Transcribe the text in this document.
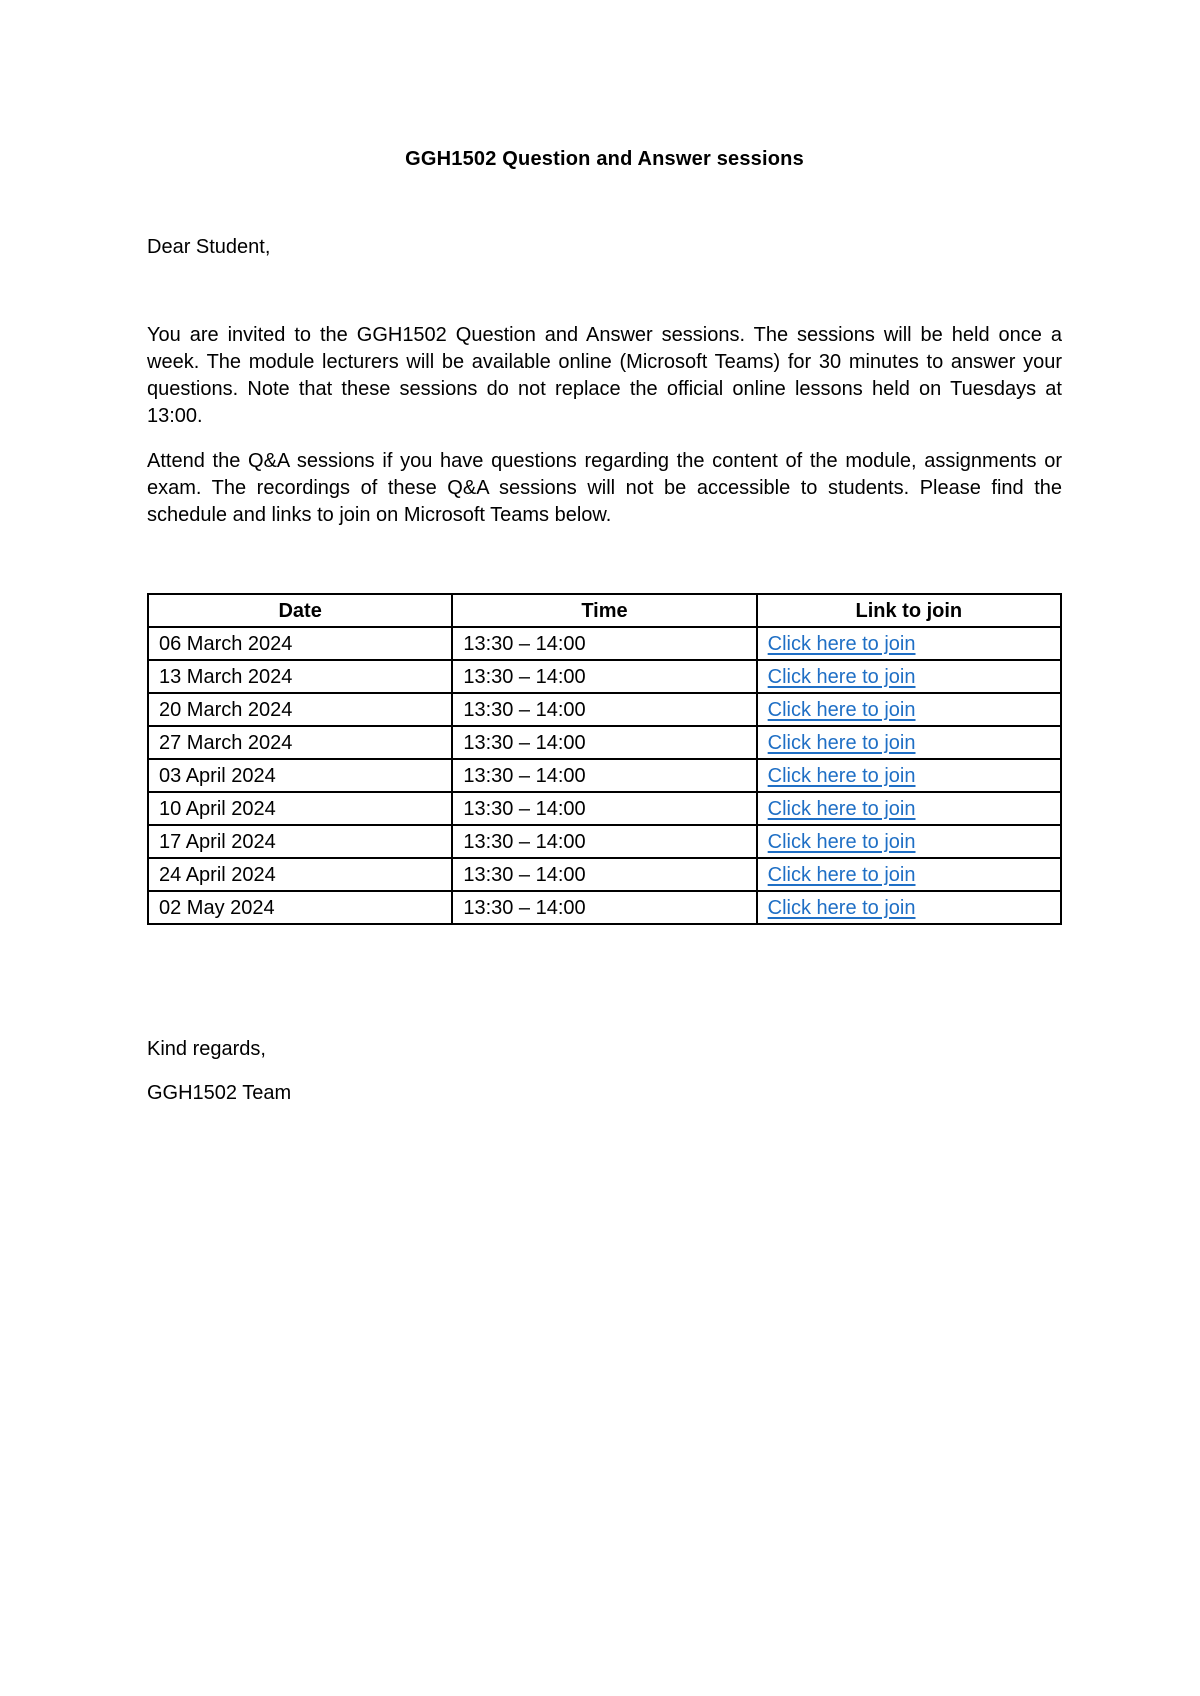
GGH1502 Question and Answer sessions
Dear Student,

You are invited to the GGH1502 Question and Answer sessions. The sessions will be held once a week. The module lecturers will be available online (Microsoft Teams) for 30 minutes to answer your questions. Note that these sessions do not replace the official online lessons held on Tuesdays at 13:00.

Attend the Q&A sessions if you have questions regarding the content of the module, assignments or exam. The recordings of these Q&A sessions will not be accessible to students. Please find the schedule and links to join on Microsoft Teams below.

Date	Time	Link to join
06 March 2024	13:30 – 14:00	Click here to join
13 March 2024	13:30 – 14:00	Click here to join
20 March 2024	13:30 – 14:00	Click here to join
27 March 2024	13:30 – 14:00	Click here to join
03 April 2024	13:30 – 14:00	Click here to join
10 April 2024	13:30 – 14:00	Click here to join
17 April 2024	13:30 – 14:00	Click here to join
24 April 2024	13:30 – 14:00	Click here to join
02 May 2024	13:30 – 14:00	Click here to join
Kind regards,
GGH1502 Team
